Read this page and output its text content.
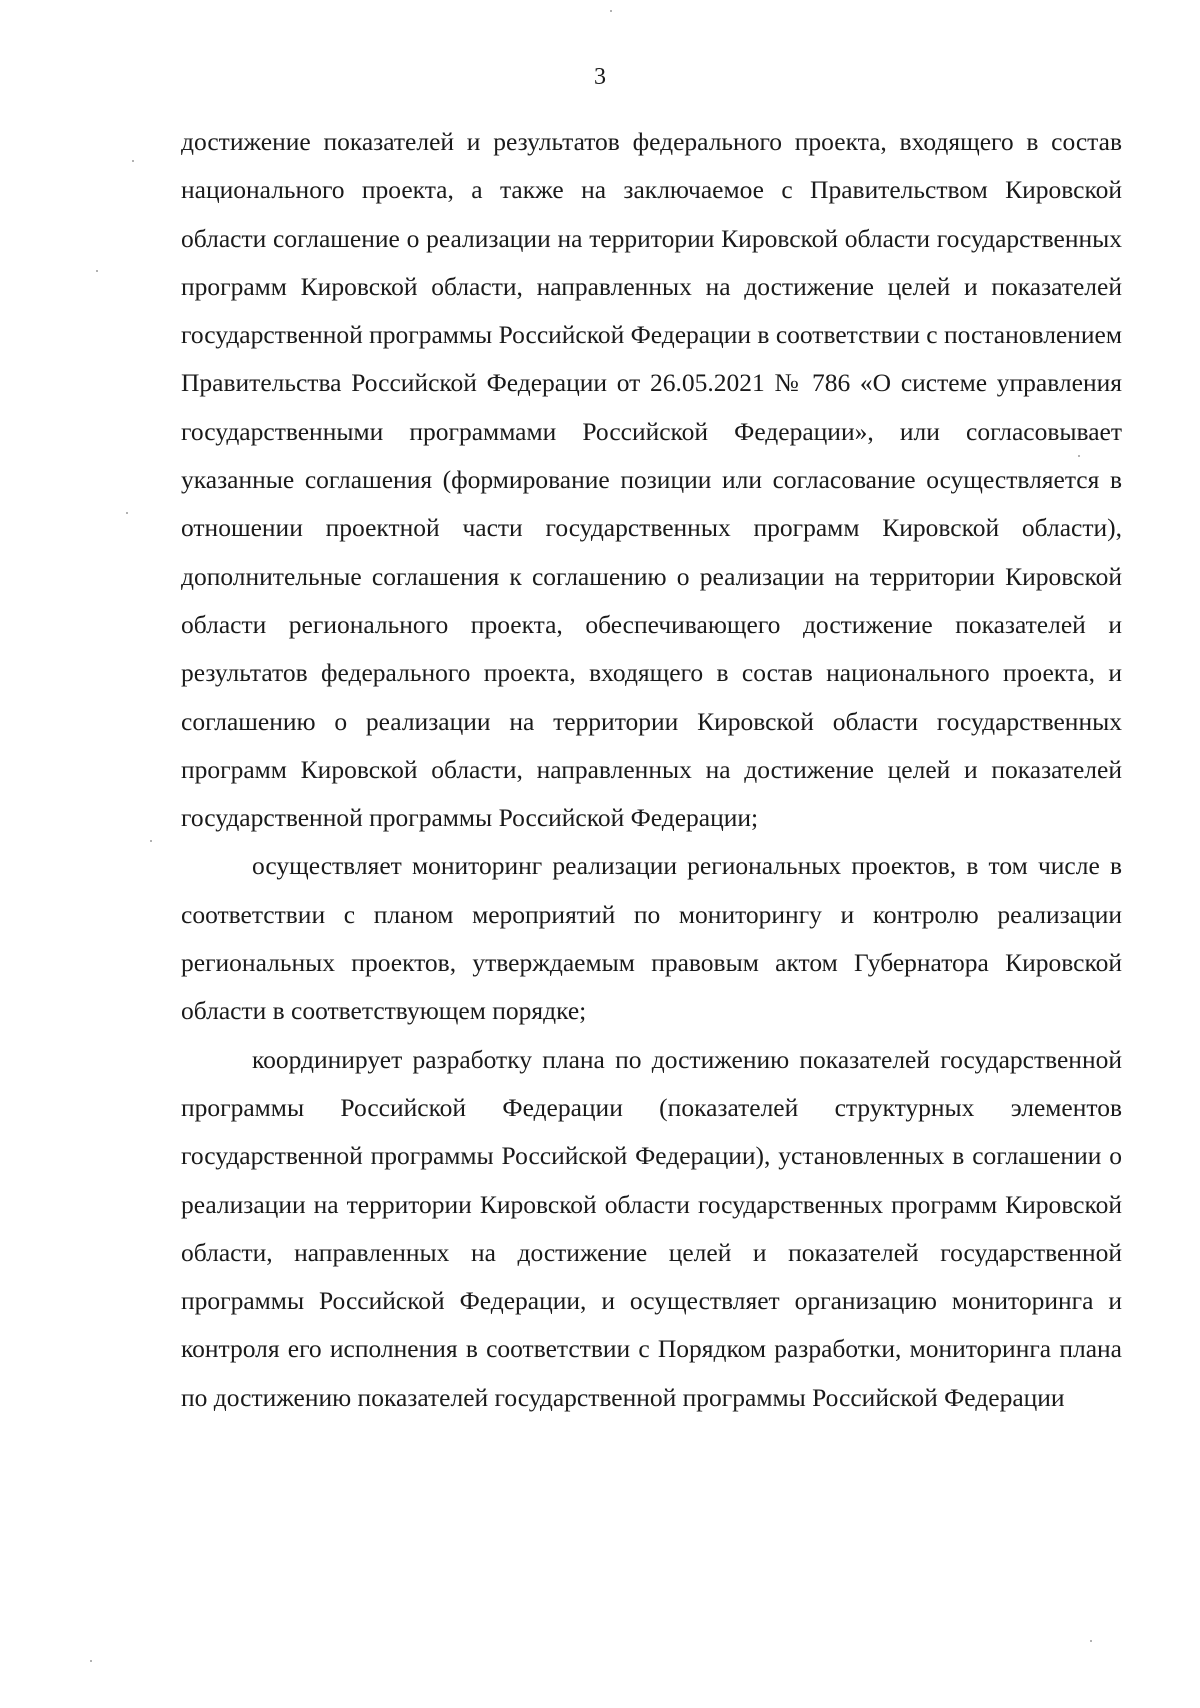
3

достижение показателей и результатов федерального проекта, входящего в состав национального проекта, а также на заключаемое с Правительством Кировской области соглашение о реализации на территории Кировской области государственных программ Кировской области, направленных на достижение целей и показателей государственной программы Российской Федерации в соответствии с постановлением Правительства Российской Федерации от 26.05.2021 № 786 «О системе управления государственными программами Российской Федерации», или согласовывает указанные соглашения (формирование позиции или согласование осуществляется в отношении проектной части государственных программ Кировской области), дополнительные соглашения к соглашению о реализации на территории Кировской области регионального проекта, обеспечивающего достижение показателей и результатов федерального проекта, входящего в состав национального проекта, и соглашению о реализации на территории Кировской области государственных программ Кировской области, направленных на достижение целей и показателей государственной программы Российской Федерации;

осуществляет мониторинг реализации региональных проектов, в том числе в соответствии с планом мероприятий по мониторингу и контролю реализации региональных проектов, утверждаемым правовым актом Губернатора Кировской области в соответствующем порядке;

координирует разработку плана по достижению показателей государственной программы Российской Федерации (показателей структурных элементов государственной программы Российской Федерации), установленных в соглашении о реализации на территории Кировской области государственных программ Кировской области, направленных на достижение целей и показателей государственной программы Российской Федерации, и осуществляет организацию мониторинга и контроля его исполнения в соответствии с Порядком разработки, мониторинга плана по достижению показателей государственной программы Российской Федерации
